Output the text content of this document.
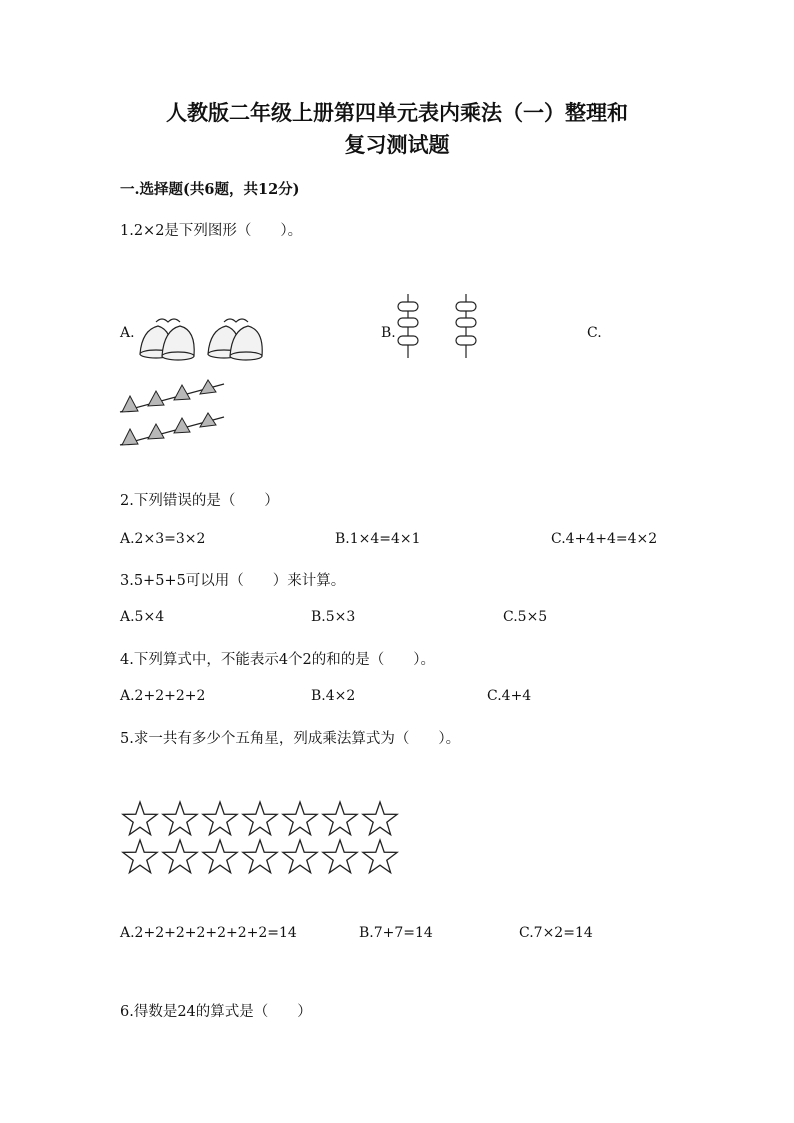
人教版二年级上册第四单元表内乘法（一）整理和
复习测试题
一.选择题(共6题，共12分)
1.2×2是下列图形（　　）。
A.	B.	C.
2.下列错误的是（　　）
A.2×3=3×2	B.1×4=4×1	C.4+4+4=4×2
3.5+5+5可以用（　　）来计算。
A.5×4	B.5×3	C.5×5
4.下列算式中，不能表示4个2的和的是（　　）。
A.2+2+2+2	B.4×2	C.4+4
5.求一共有多少个五角星，列成乘法算式为（　　）。
A.2+2+2+2+2+2+2=14	B.7+7=14	C.7×2=14
6.得数是24的算式是（　　）
